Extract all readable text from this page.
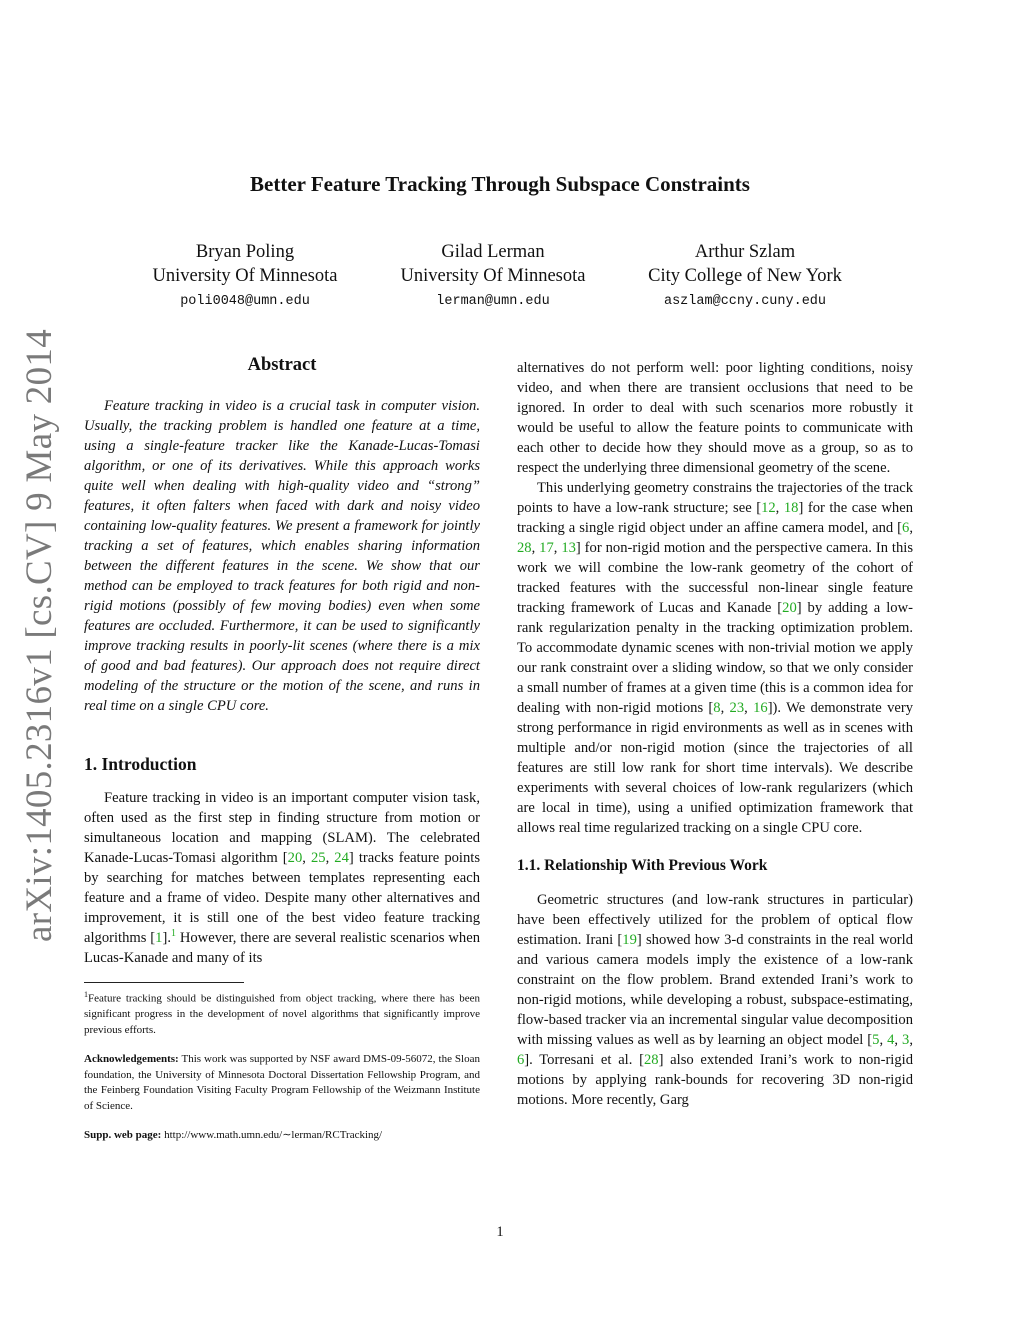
arXiv:1405.2316v1 [cs.CV] 9 May 2014
Better Feature Tracking Through Subspace Constraints
Bryan Poling
University Of Minnesota
poli0048@umn.edu
Gilad Lerman
University Of Minnesota
lerman@umn.edu
Arthur Szlam
City College of New York
aszlam@ccny.cuny.edu
Abstract

Feature tracking in video is a crucial task in computer vision. Usually, the tracking problem is handled one feature at a time, using a single-feature tracker like the Kanade-Lucas-Tomasi algorithm, or one of its derivatives. While this approach works quite well when dealing with high-quality video and “strong” features, it often falters when faced with dark and noisy video containing low-quality features. We present a framework for jointly tracking a set of features, which enables sharing information between the different features in the scene. We show that our method can be employed to track features for both rigid and non-rigid motions (possibly of few moving bodies) even when some features are occluded. Furthermore, it can be used to significantly improve tracking results in poorly-lit scenes (where there is a mix of good and bad features). Our approach does not require direct modeling of the structure or the motion of the scene, and runs in real time on a single CPU core.

1. Introduction

Feature tracking in video is an important computer vision task, often used as the first step in finding structure from motion or simultaneous location and mapping (SLAM). The celebrated Kanade-Lucas-Tomasi algorithm [20, 25, 24] tracks feature points by searching for matches between templates representing each feature and a frame of video. Despite many other alternatives and improvement, it is still one of the best video feature tracking algorithms [1].$^1$ However, there are several realistic scenarios when Lucas-Kanade and many of its

$^1$Feature tracking should be distinguished from object tracking, where there has been significant progress in the development of novel algorithms that significantly improve previous efforts.

Acknowledgements: This work was supported by NSF award DMS-09-56072, the Sloan foundation, the University of Minnesota Doctoral Dissertation Fellowship Program, and the Feinberg Foundation Visiting Faculty Program Fellowship of the Weizmann Institute of Science.

Supp. web page: http://www.math.umn.edu/∼lerman/RCTracking/

alternatives do not perform well: poor lighting conditions, noisy video, and when there are transient occlusions that need to be ignored. In order to deal with such scenarios more robustly it would be useful to allow the feature points to communicate with each other to decide how they should move as a group, so as to respect the underlying three dimensional geometry of the scene.

This underlying geometry constrains the trajectories of the track points to have a low-rank structure; see [12, 18] for the case when tracking a single rigid object under an affine camera model, and [6, 28, 17, 13] for non-rigid motion and the perspective camera. In this work we will combine the low-rank geometry of the cohort of tracked features with the successful non-linear single feature tracking framework of Lucas and Kanade [20] by adding a low-rank regularization penalty in the tracking optimization problem. To accommodate dynamic scenes with non-trivial motion we apply our rank constraint over a sliding window, so that we only consider a small number of frames at a given time (this is a common idea for dealing with non-rigid motions [8, 23, 16]). We demonstrate very strong performance in rigid environments as well as in scenes with multiple and/or non-rigid motion (since the trajectories of all features are still low rank for short time intervals). We describe experiments with several choices of low-rank regularizers (which are local in time), using a unified optimization framework that allows real time regularized tracking on a single CPU core.

1.1. Relationship With Previous Work

Geometric structures (and low-rank structures in particular) have been effectively utilized for the problem of optical flow estimation. Irani [19] showed how 3-d constraints in the real world and various camera models imply the existence of a low-rank constraint on the flow problem. Brand extended Irani’s work to non-rigid motions, while developing a robust, subspace-estimating, flow-based tracker via an incremental singular value decomposition with missing values as well as by learning an object model [5, 4, 3, 6]. Torresani et al. [28] also extended Irani’s work to non-rigid motions by applying rank-bounds for recovering 3D non-rigid motions. More recently, Garg

1
